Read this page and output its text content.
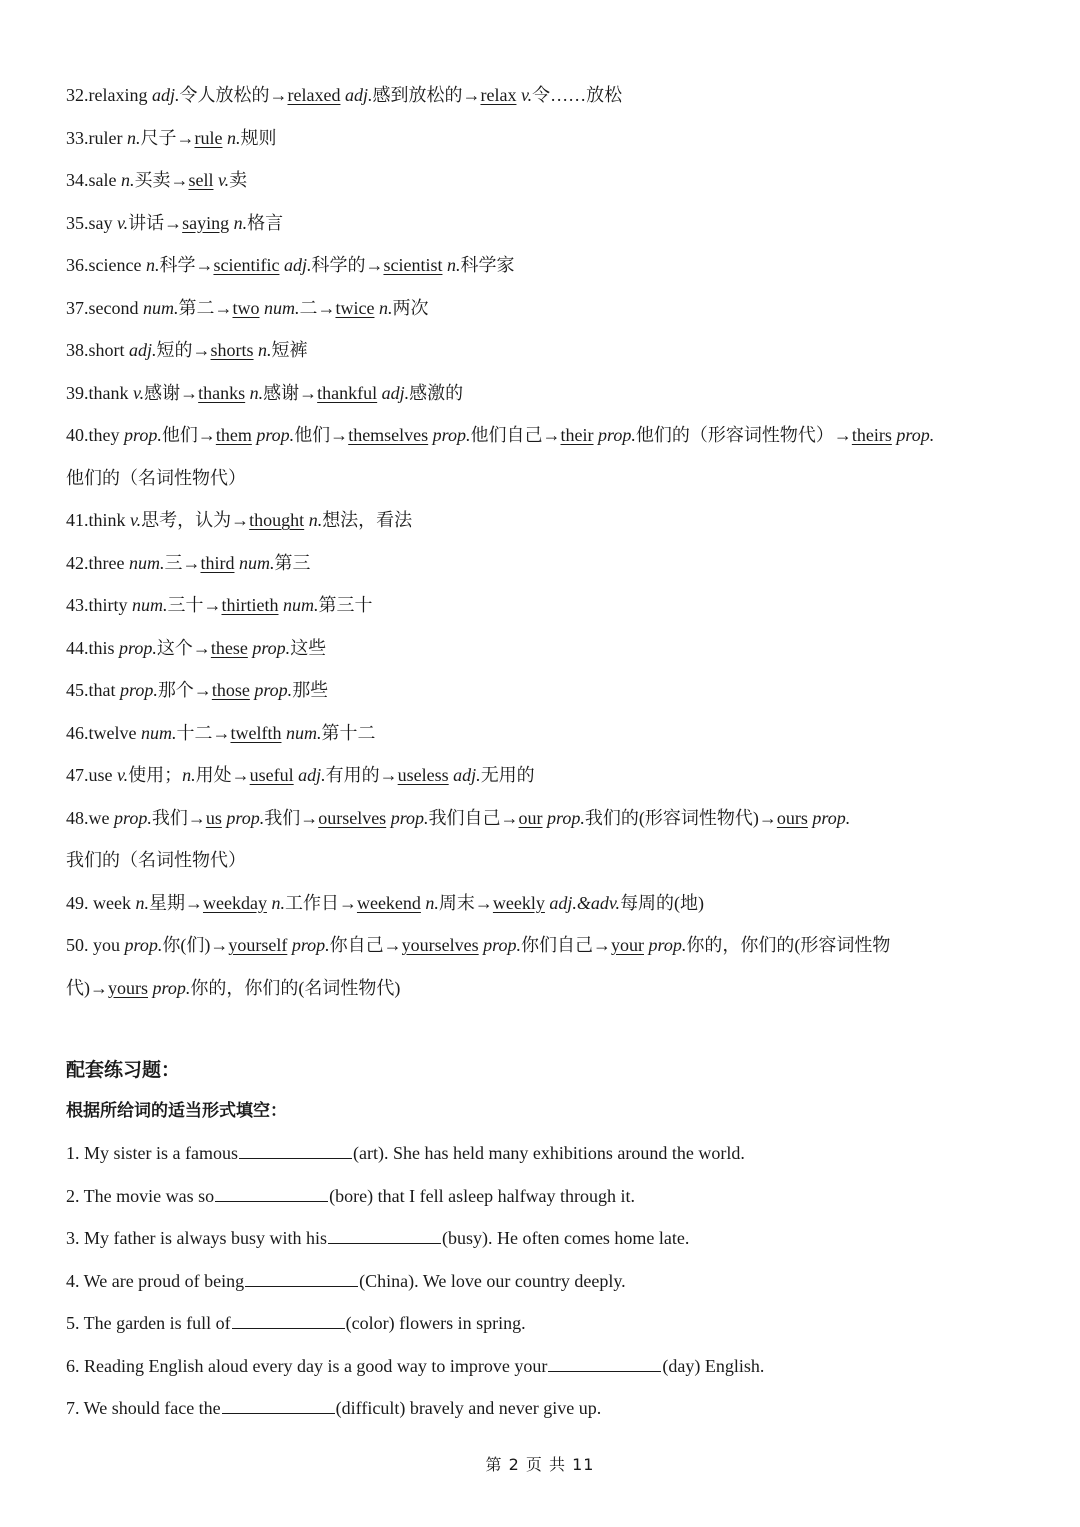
32.relaxing adj.令人放松的→relaxed adj.感到放松的→relax v.令……放松
33.ruler n.尺子→rule n.规则
34.sale n.买卖→sell v.卖
35.say v.讲话→saying n.格言
36.science n.科学→scientific adj.科学的→scientist n.科学家
37.second num.第二→two num.二→twice n.两次
38.short adj.短的→shorts n.短裤
39.thank v.感谢→thanks n.感谢→thankful adj.感激的
40.they prop.他们→them prop.他们→themselves prop.他们自己→their prop.他们的（形容词性物代）→theirs prop.
他们的（名词性物代）
41.think v.思考，认为→thought n.想法，看法
42.three num.三→third num.第三
43.thirty num.三十→thirtieth num.第三十
44.this prop.这个→these prop.这些
45.that prop.那个→those prop.那些
46.twelve num.十二→twelfth num.第十二
47.use v.使用；n.用处→useful adj.有用的→useless adj.无用的
48.we prop.我们→us prop.我们→ourselves prop.我们自己→our prop.我们的(形容词性物代)→ours prop.
我们的（名词性物代）
49. week n.星期→weekday n.工作日→weekend n.周末→weekly adj.&adv.每周的(地)
50. you prop.你(们)→yourself prop.你自己→yourselves prop.你们自己→your prop.你的，你们的(形容词性物
代)→yours prop.你的，你们的(名词性物代)
配套练习题：
根据所给词的适当形式填空：
1. My sister is a famous	(art). She has held many exhibitions around the world.
2. The movie was so	(bore) that I fell asleep halfway through it.
3. My father is always busy with his	(busy). He often comes home late.
4. We are proud of being	(China). We love our country deeply.
5. The garden is full of	(color) flowers in spring.
6. Reading English aloud every day is a good way to improve your	(day) English.
7. We should face the	(difficult) bravely and never give up.
第 2 页 共 11
